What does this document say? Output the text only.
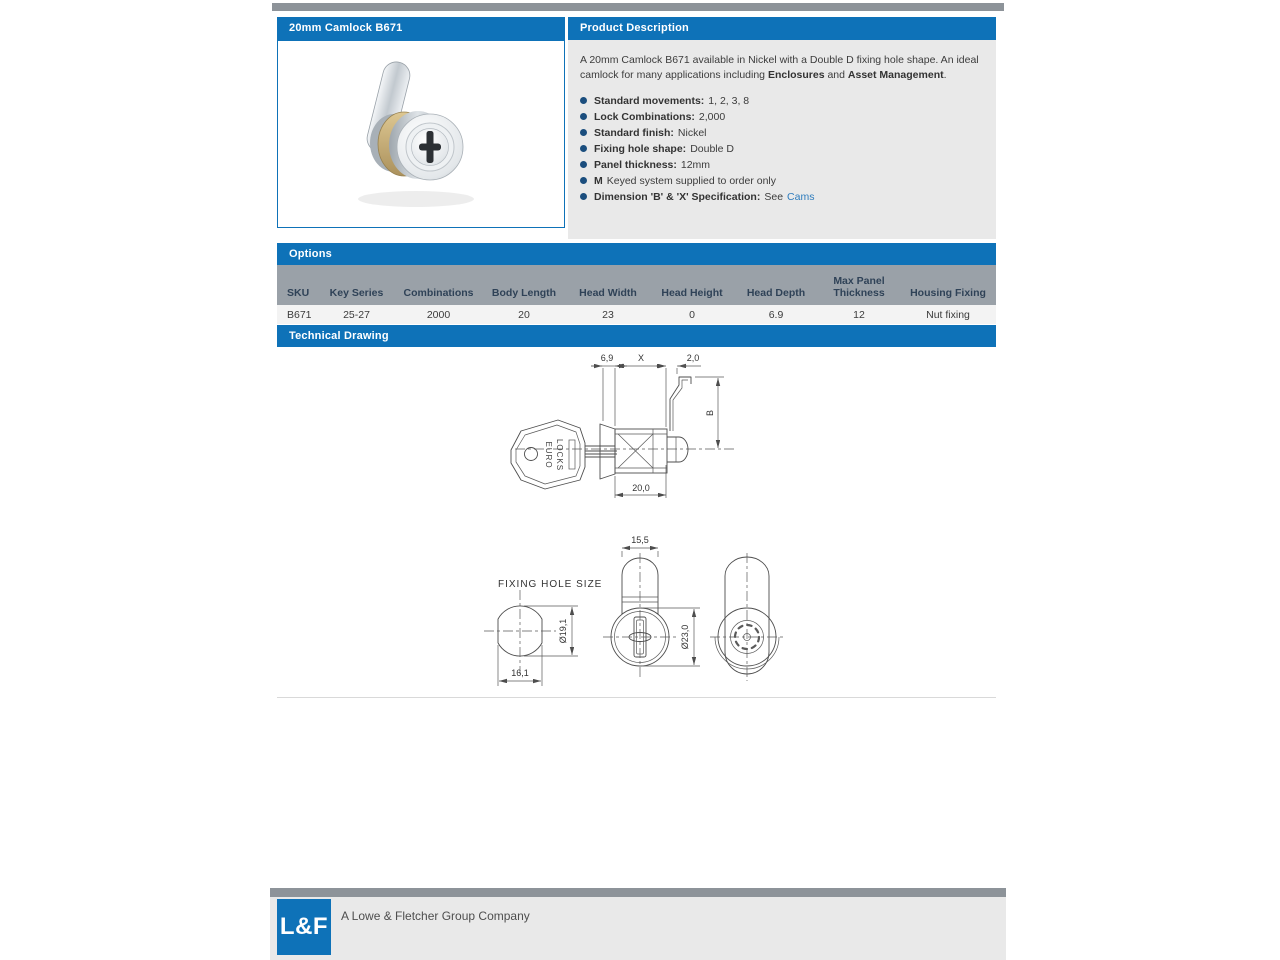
20mm Camlock B671	Product Description
A 20mm Camlock B671 available in Nickel with a Double D fixing hole shape. An ideal camlock for many applications including Enclosures and Asset Management.
Standard movements: 1, 2, 3, 8
Lock Combinations: 2,000
Standard finish: Nickel
Fixing hole shape: Double D
Panel thickness: 12mm
M Keyed system supplied to order only
Dimension 'B' & 'X' Specification: See Cams
Options
SKU	Key Series	Combinations	Body Length	Head Width	Head Height	Head Depth	Max Panel Thickness	Housing Fixing
B671	25-27	2000	20	23	0	6.9	12	Nut fixing
Technical Drawing
EURO LOCKS
6,9	X	2,0
B
20,0
FIXING HOLE SIZE
Ø19,1
16,1
15,5
Ø23,0
L&F A Lowe & Fletcher Group Company
